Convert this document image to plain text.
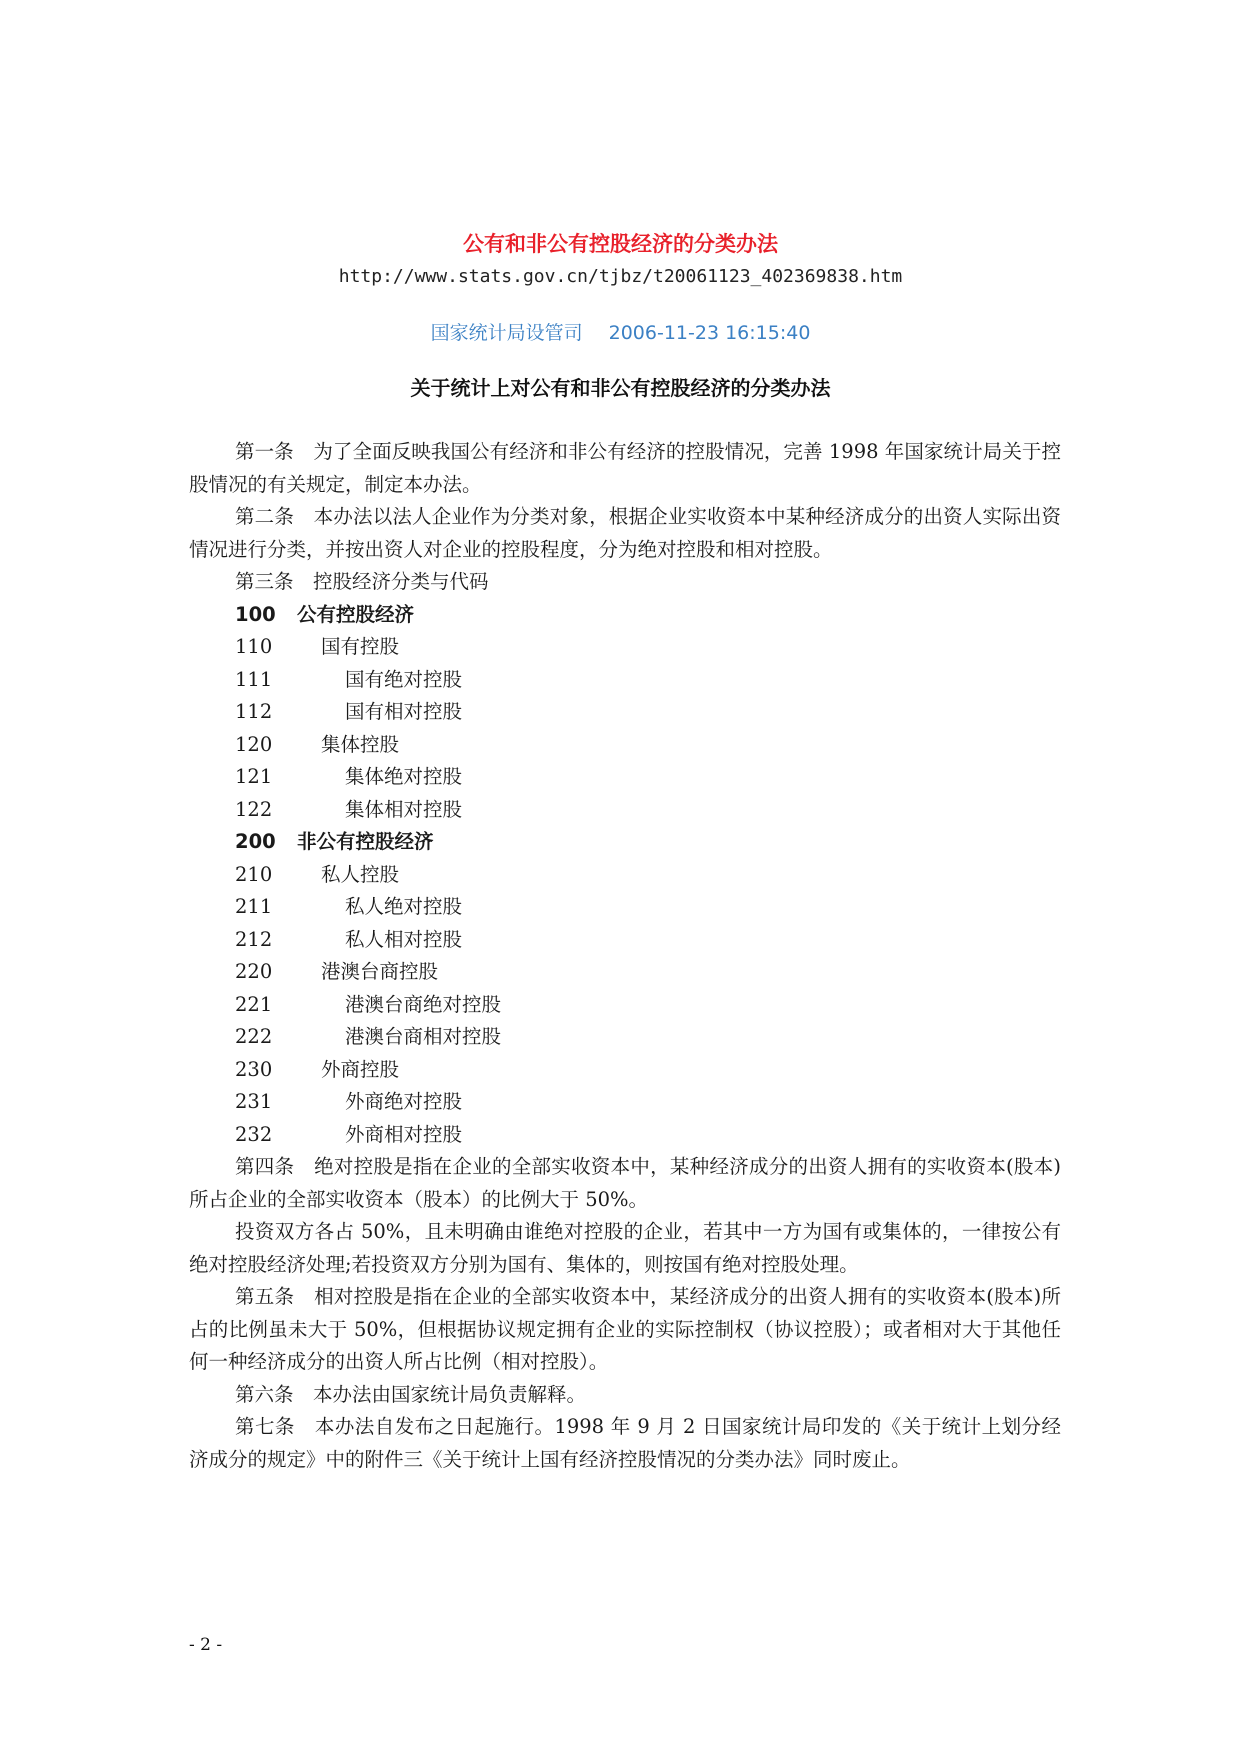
公有和非公有控股经济的分类办法
http://www.stats.gov.cn/tjbz/t20061123_402369838.htm
国家统计局设管司 2006-11-23 16:15:40
关于统计上对公有和非公有控股经济的分类办法

第一条　为了全面反映我国公有经济和非公有经济的控股情况，完善 1998 年国家统计局关于控股情况的有关规定，制定本办法。

第二条　本办法以法人企业作为分类对象，根据企业实收资本中某种经济成分的出资人实际出资情况进行分类，并按出资人对企业的控股程度，分为绝对控股和相对控股。

第三条　控股经济分类与代码

100 公有控股经济

110	国有控股

111	国有绝对控股

112	国有相对控股

120	集体控股

121	集体绝对控股

122	集体相对控股

200 非公有控股经济

210	私人控股

211	私人绝对控股

212	私人相对控股

220	港澳台商控股

221	港澳台商绝对控股

222	港澳台商相对控股

230	外商控股

231	外商绝对控股

232	外商相对控股

第四条　绝对控股是指在企业的全部实收资本中，某种经济成分的出资人拥有的实收资本(股本)所占企业的全部实收资本（股本）的比例大于 50%。

投资双方各占 50%，且未明确由谁绝对控股的企业，若其中一方为国有或集体的，一律按公有绝对控股经济处理;若投资双方分别为国有、集体的，则按国有绝对控股处理。

第五条　相对控股是指在企业的全部实收资本中，某经济成分的出资人拥有的实收资本(股本)所占的比例虽未大于 50%，但根据协议规定拥有企业的实际控制权（协议控股）；或者相对大于其他任何一种经济成分的出资人所占比例（相对控股）。

第六条　本办法由国家统计局负责解释。

第七条　本办法自发布之日起施行。1998 年 9 月 2 日国家统计局印发的《关于统计上划分经济成分的规定》中的附件三《关于统计上国有经济控股情况的分类办法》同时废止。

- 2 -
